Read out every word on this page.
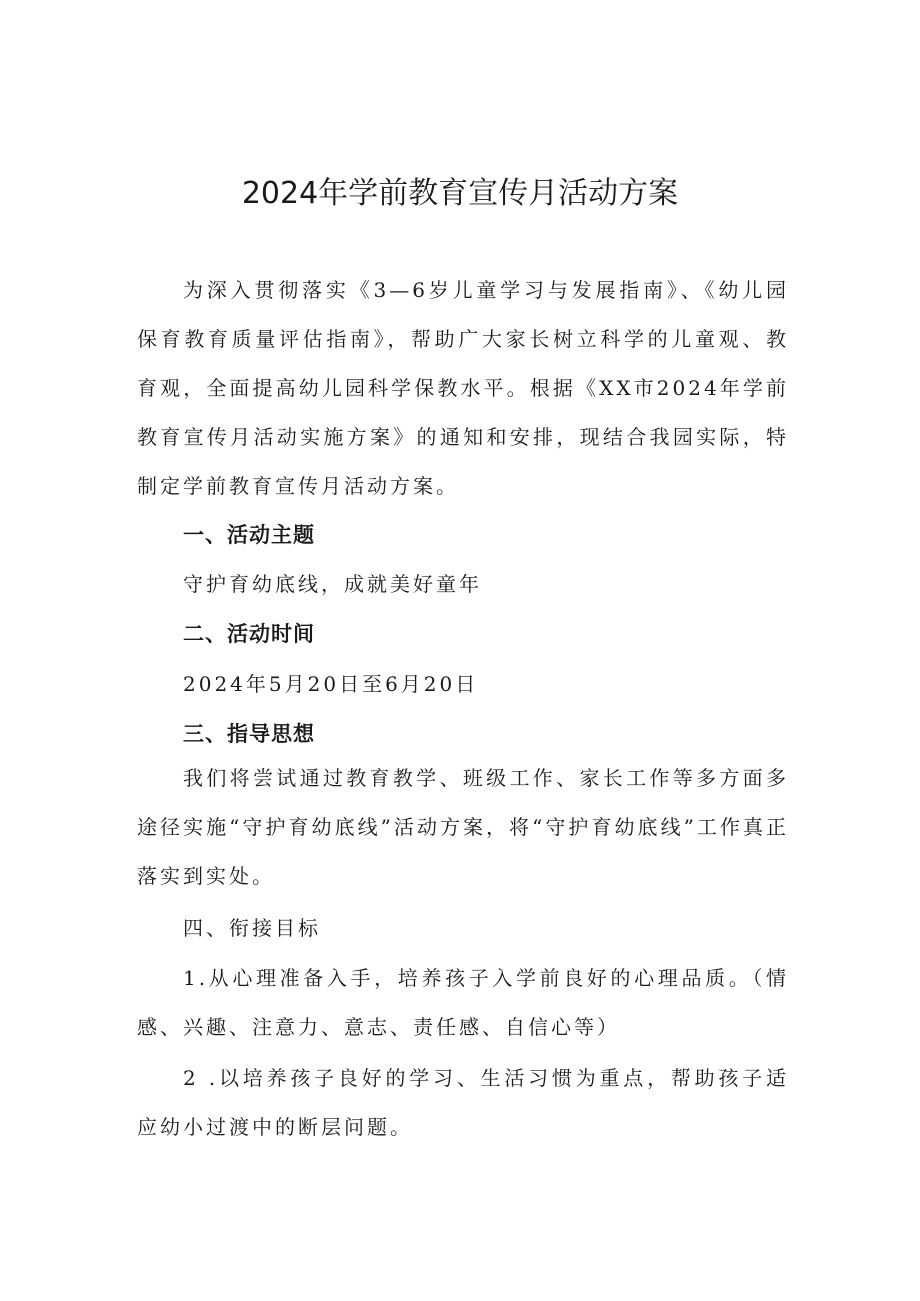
2024年学前教育宣传月活动方案

为深入贯彻落实《3—6岁儿童学习与发展指南》、《幼儿园保育教育质量评估指南》，帮助广大家长树立科学的儿童观、教育观，全面提高幼儿园科学保教水平。根据《XX市2024年学前教育宣传月活动实施方案》的通知和安排，现结合我园实际，特制定学前教育宣传月活动方案。

一、活动主题

守护育幼底线，成就美好童年

二、活动时间

2024年5月20日至6月20日

三、指导思想

我们将尝试通过教育教学、班级工作、家长工作等多方面多途径实施“守护育幼底线”活动方案，将“守护育幼底线”工作真正落实到实处。

四、衔接目标

1.从心理准备入手，培养孩子入学前良好的心理品质。（情感、兴趣、注意力、意志、责任感、自信心等）

2 .以培养孩子良好的学习、生活习惯为重点，帮助孩子适应幼小过渡中的断层问题。
